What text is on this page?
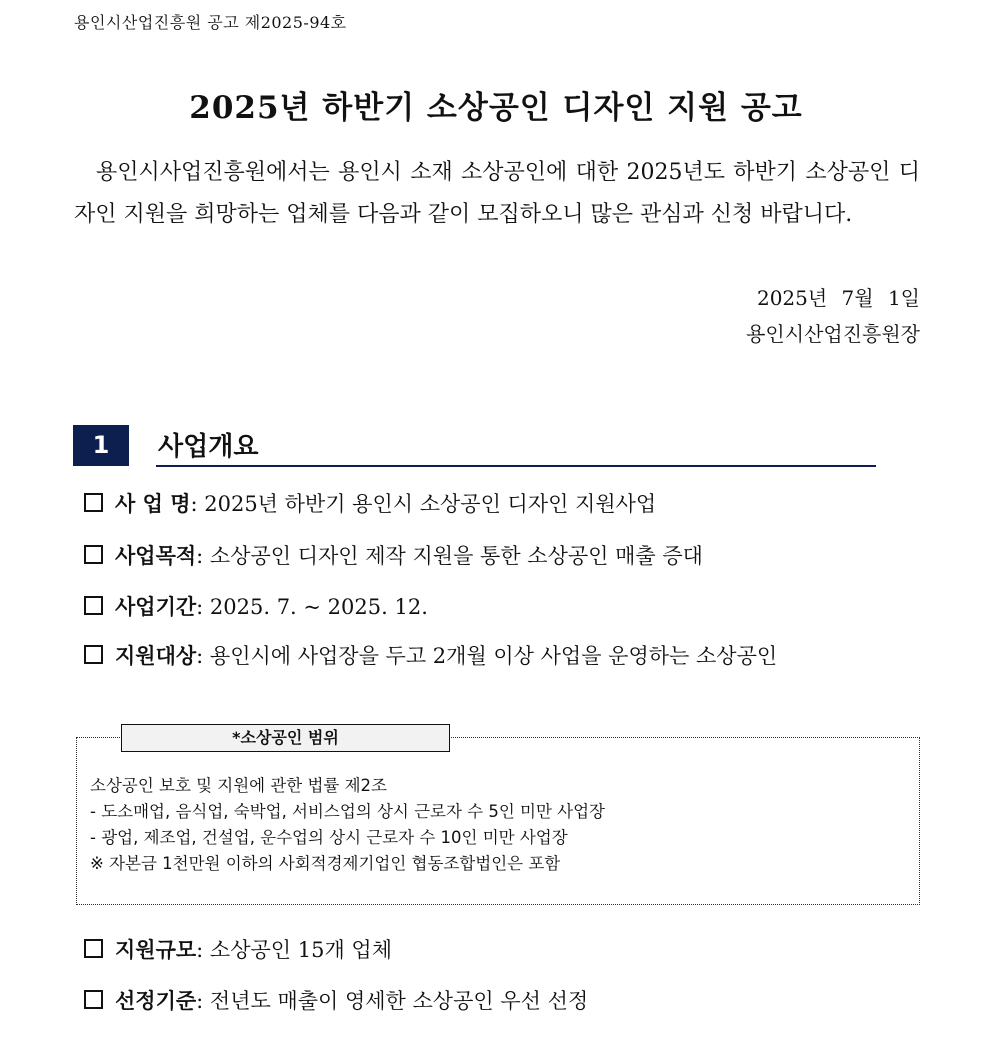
용인시산업진흥원 공고 제2025-94호
2025년 하반기 소상공인 디자인 지원 공고

용인시사업진흥원에서는 용인시 소재 소상공인에 대한 2025년도 하반기 소상공인 디자인 지원을 희망하는 업체를 다음과 같이 모집하오니 많은 관심과 신청 바랍니다.

2025년 7월 1일
용인시산업진흥원장
1	사업개요
사 업 명: 2025년 하반기 용인시 소상공인 디자인 지원사업
사업목적: 소상공인 디자인 제작 지원을 통한 소상공인 매출 증대
사업기간: 2025. 7. ~ 2025. 12.
지원대상: 용인시에 사업장을 두고 2개월 이상 사업을 운영하는 소상공인
*소상공인 범위
소상공인 보호 및 지원에 관한 법률 제2조
- 도소매업, 음식업, 숙박업, 서비스업의 상시 근로자 수 5인 미만 사업장
- 광업, 제조업, 건설업, 운수업의 상시 근로자 수 10인 미만 사업장
※ 자본금 1천만원 이하의 사회적경제기업인 협동조합법인은 포함
지원규모: 소상공인 15개 업체
선정기준: 전년도 매출이 영세한 소상공인 우선 선정
